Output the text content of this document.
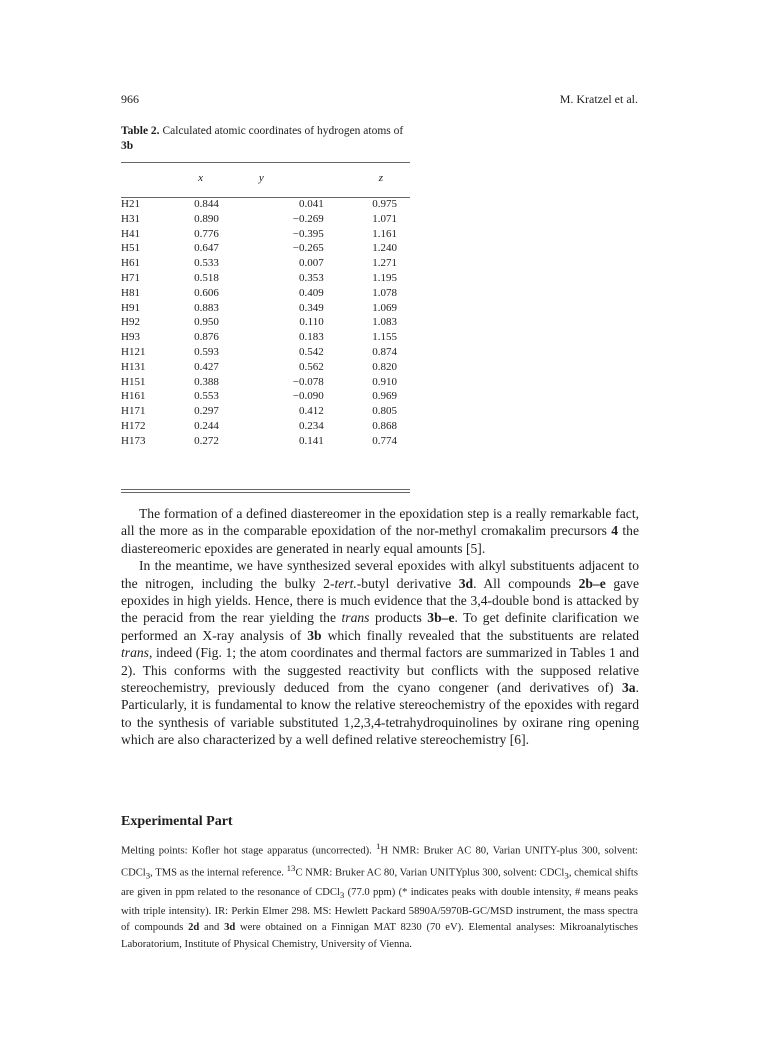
966	M. Kratzel et al.
Table 2. Calculated atomic coordinates of hydrogen atoms of 3b
	x	y	z

H21	0.844	0.041	0.975
H31	0.890	−0.269	1.071
H41	0.776	−0.395	1.161
H51	0.647	−0.265	1.240
H61	0.533	0.007	1.271
H71	0.518	0.353	1.195
H81	0.606	0.409	1.078
H91	0.883	0.349	1.069
H92	0.950	0.110	1.083
H93	0.876	0.183	1.155
H121	0.593	0.542	0.874
H131	0.427	0.562	0.820
H151	0.388	−0.078	0.910
H161	0.553	−0.090	0.969
H171	0.297	0.412	0.805
H172	0.244	0.234	0.868
H173	0.272	0.141	0.774

The formation of a defined diastereomer in the epoxidation step is a really remarkable fact, all the more as in the comparable epoxidation of the nor-methyl cromakalim precursors 4 the diastereomeric epoxides are generated in nearly equal amounts [5].

In the meantime, we have synthesized several epoxides with alkyl substituents adjacent to the nitrogen, including the bulky 2-tert.-butyl derivative 3d. All compounds 2b–e gave epoxides in high yields. Hence, there is much evidence that the 3,4-double bond is attacked by the peracid from the rear yielding the trans products 3b–e. To get definite clarification we performed an X-ray analysis of 3b which finally revealed that the substituents are related trans, indeed (Fig. 1; the atom coordinates and thermal factors are summarized in Tables 1 and 2). This conforms with the suggested reactivity but conflicts with the supposed relative stereochemistry, previously deduced from the cyano congener (and derivatives of) 3a. Particularly, it is fundamental to know the relative stereochemistry of the epoxides with regard to the synthesis of variable substituted 1,2,3,4-tetrahydroquinolines by oxirane ring opening which are also characterized by a well defined relative stereochemistry [6].

Experimental Part
Melting points: Kofler hot stage apparatus (uncorrected). $^1$H NMR: Bruker AC 80, Varian UNITY-plus 300, solvent: CDCl$_3$, TMS as the internal reference. $^{13}$C NMR: Bruker AC 80, Varian UNITYplus 300, solvent: CDCl$_3$, chemical shifts are given in ppm related to the resonance of CDCl$_3$ (77.0 ppm) (* indicates peaks with double intensity, # means peaks with triple intensity). IR: Perkin Elmer 298. MS: Hewlett Packard 5890A/5970B-GC/MSD instrument, the mass spectra of compounds 2d and 3d were obtained on a Finnigan MAT 8230 (70 eV). Elemental analyses: Mikroanalytisches Laboratorium, Institute of Physical Chemistry, University of Vienna.
